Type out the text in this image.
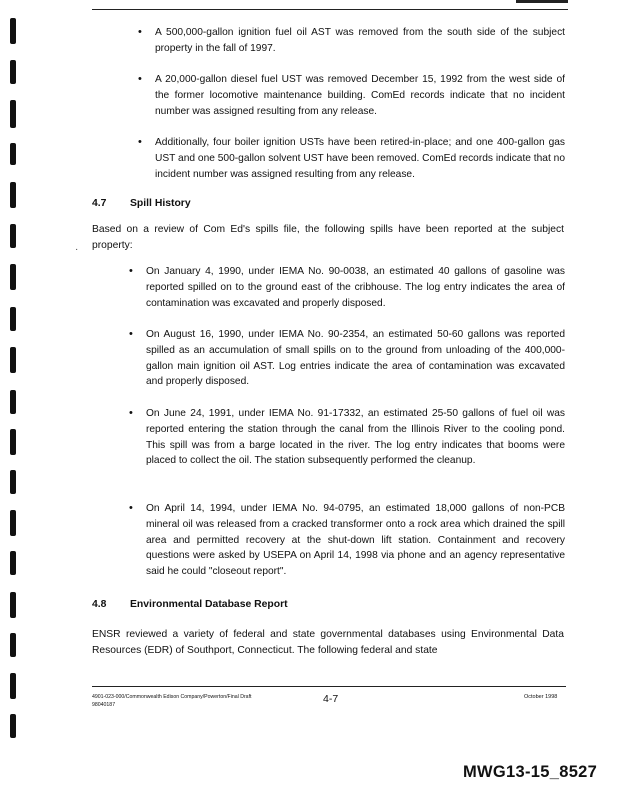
• A 500,000-gallon ignition fuel oil AST was removed from the south side of the subject property in the fall of 1997.
• A 20,000-gallon diesel fuel UST was removed December 15, 1992 from the west side of the former locomotive maintenance building. ComEd records indicate that no incident number was assigned resulting from any release.
• Additionally, four boiler ignition USTs have been retired-in-place; and one 400-gallon gas UST and one 500-gallon solvent UST have been removed. ComEd records indicate that no incident number was assigned resulting from any release.
4.7 Spill History
Based on a review of Com Ed's spills file, the following spills have been reported at the subject property:
·
• On January 4, 1990, under IEMA No. 90-0038, an estimated 40 gallons of gasoline was reported spilled on to the ground east of the cribhouse. The log entry indicates the area of contamination was excavated and properly disposed.
• On August 16, 1990, under IEMA No. 90-2354, an estimated 50-60 gallons was reported spilled as an accumulation of small spills on to the ground from unloading of the 400,000-gallon main ignition oil AST. Log entries indicate the area of contamination was excavated and properly disposed.
• On June 24, 1991, under IEMA No. 91-17332, an estimated 25-50 gallons of fuel oil was reported entering the station through the canal from the Illinois River to the cooling pond. This spill was from a barge located in the river. The log entry indicates that booms were placed to collect the oil. The station subsequently performed the cleanup.
• On April 14, 1994, under IEMA No. 94-0795, an estimated 18,000 gallons of non-PCB mineral oil was released from a cracked transformer onto a rock area which drained the spill area and permitted recovery at the shut-down lift station. Containment and recovery questions were asked by USEPA on April 14, 1998 via phone and an agency representative said he could "closeout report".
4.8 Environmental Database Report
ENSR reviewed a variety of federal and state governmental databases using Environmental Data Resources (EDR) of Southport, Connecticut. The following federal and state
4901-023-000/Commonwealth Edison Company/Powerton/Final Draft
98040187	4-7	October 1998
MWG13-15_8527
